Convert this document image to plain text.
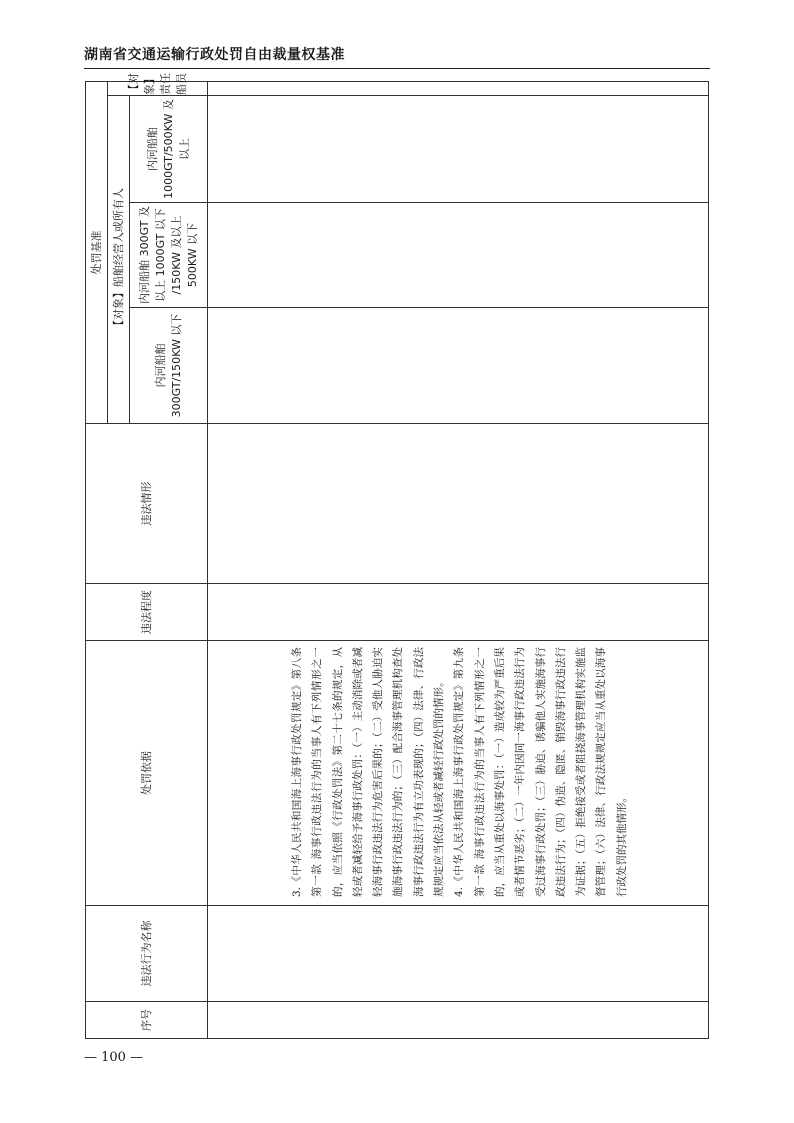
湖南省交通运输行政处罚自由裁量权基准
序号	违法行为名称	处罚依据	违法程度	违法情形	处罚基准			
					【对象】船舶经营人或所有人			【对象】责任船员
					内河船舶 300GT/150KW 以下	内河船舶 300GT 及以上 1000GT 以下 /150KW 及以上 500KW 以下	内河船舶 1000GT/500KW 及以上	

		3.《中华人民共和国海上海事行政处罚规定》第八条第一款 海事行政违法行为的当事人有下列情形之一的，应当依照《行政处罚法》第二十七条的规定，从轻或者减轻给予海事行政处罚：（一）主动消除或者减轻海事行政违法行为危害后果的；（二）受他人胁迫实施海事行政违法行为的；（三）配合海事管理机构查处海事行政违法行为有立功表现的；（四）法律、行政法规规定应当依法从轻或者减轻行政处罚的情形。 4.《中华人民共和国海上海事行政处罚规定》第九条第一款 海事行政违法行为的当事人有下列情形之一的，应当从重处以海事处罚：（一）造成较为严重后果或者情节恶劣；（二）一年内因同一海事行政违法行为受过海事行政处罚；（三）胁迫、诱骗他人实施海事行政违法行为；（四）伪造、隐匿、销毁海事行政违法行为证据；（五）拒绝接受或者阻挠海事管理机构实施监督管理；（六）法律、行政法规规定应当从重处以海事行政处罚的其他情形。						

— 100 —
